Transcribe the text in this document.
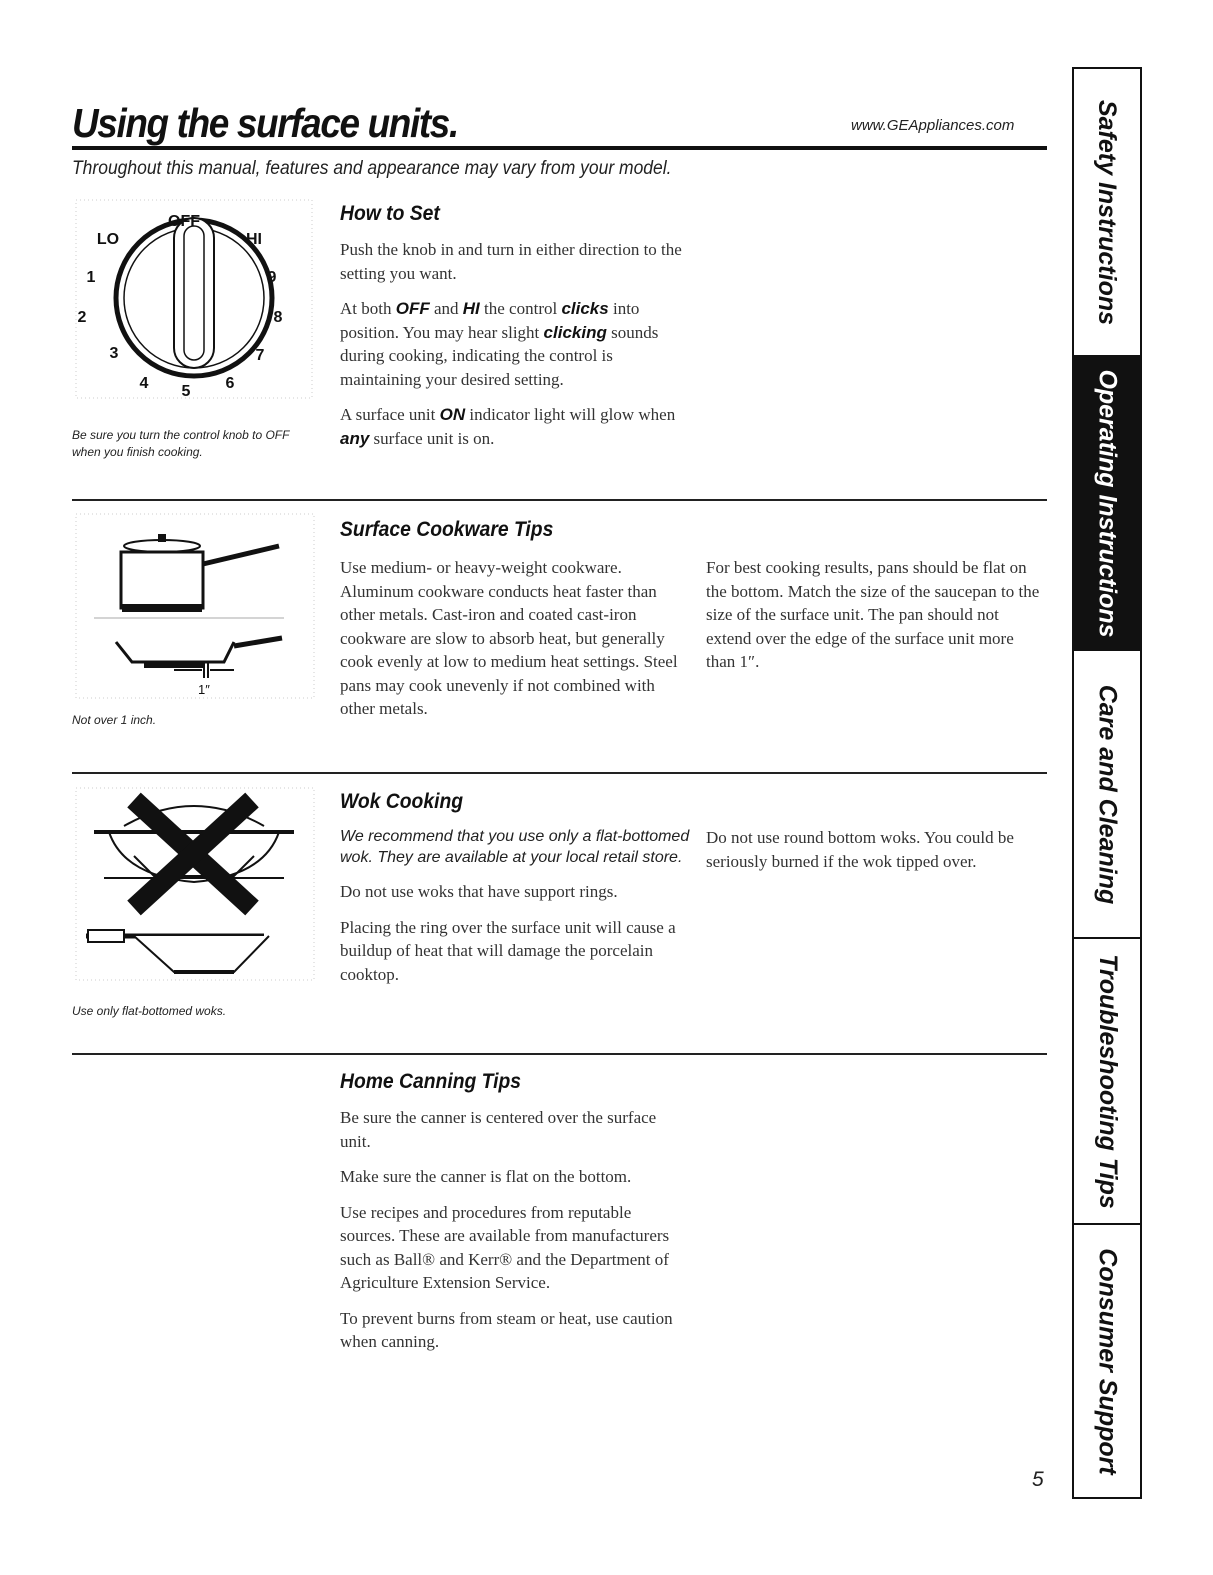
Using the surface units.	www.GEAppliances.com
Throughout this manual, features and appearance may vary from your model.
OFF
LO	HI
1
2
3
4 5 6
7
8
9
Be sure you turn the control knob to OFF when you finish cooking.
How to Set

Push the knob in and turn in either direction to the setting you want.

At both OFF and HI the control clicks into position. You may hear slight clicking sounds during cooking, indicating the control is maintaining your desired setting.

A surface unit ON indicator light will glow when any surface unit is on.

1″
Not over 1 inch.
Surface Cookware Tips
Use medium- or heavy-weight cookware. Aluminum cookware conducts heat faster than other metals. Cast-iron and coated cast-iron cookware are slow to absorb heat, but generally cook evenly at low to medium heat settings. Steel pans may cook unevenly if not combined with other metals.
For best cooking results, pans should be flat on the bottom. Match the size of the saucepan to the size of the surface unit. The pan should not extend over the edge of the surface unit more than 1″.
Use only flat-bottomed woks.
Wok Cooking

We recommend that you use only a flat-bottomed wok. They are available at your local retail store.

Do not use woks that have support rings.

Placing the ring over the surface unit will cause a buildup of heat that will damage the porcelain cooktop.

Do not use round bottom woks. You could be seriously burned if the wok tipped over.
Home Canning Tips

Be sure the canner is centered over the surface unit.

Make sure the canner is flat on the bottom.

Use recipes and procedures from reputable sources. These are available from manufacturers such as Ball® and Kerr® and the Department of Agriculture Extension Service.

To prevent burns from steam or heat, use caution when canning.

Safety Instructions
Operating Instructions
Care and Cleaning
Troubleshooting Tips
Consumer Support
5
